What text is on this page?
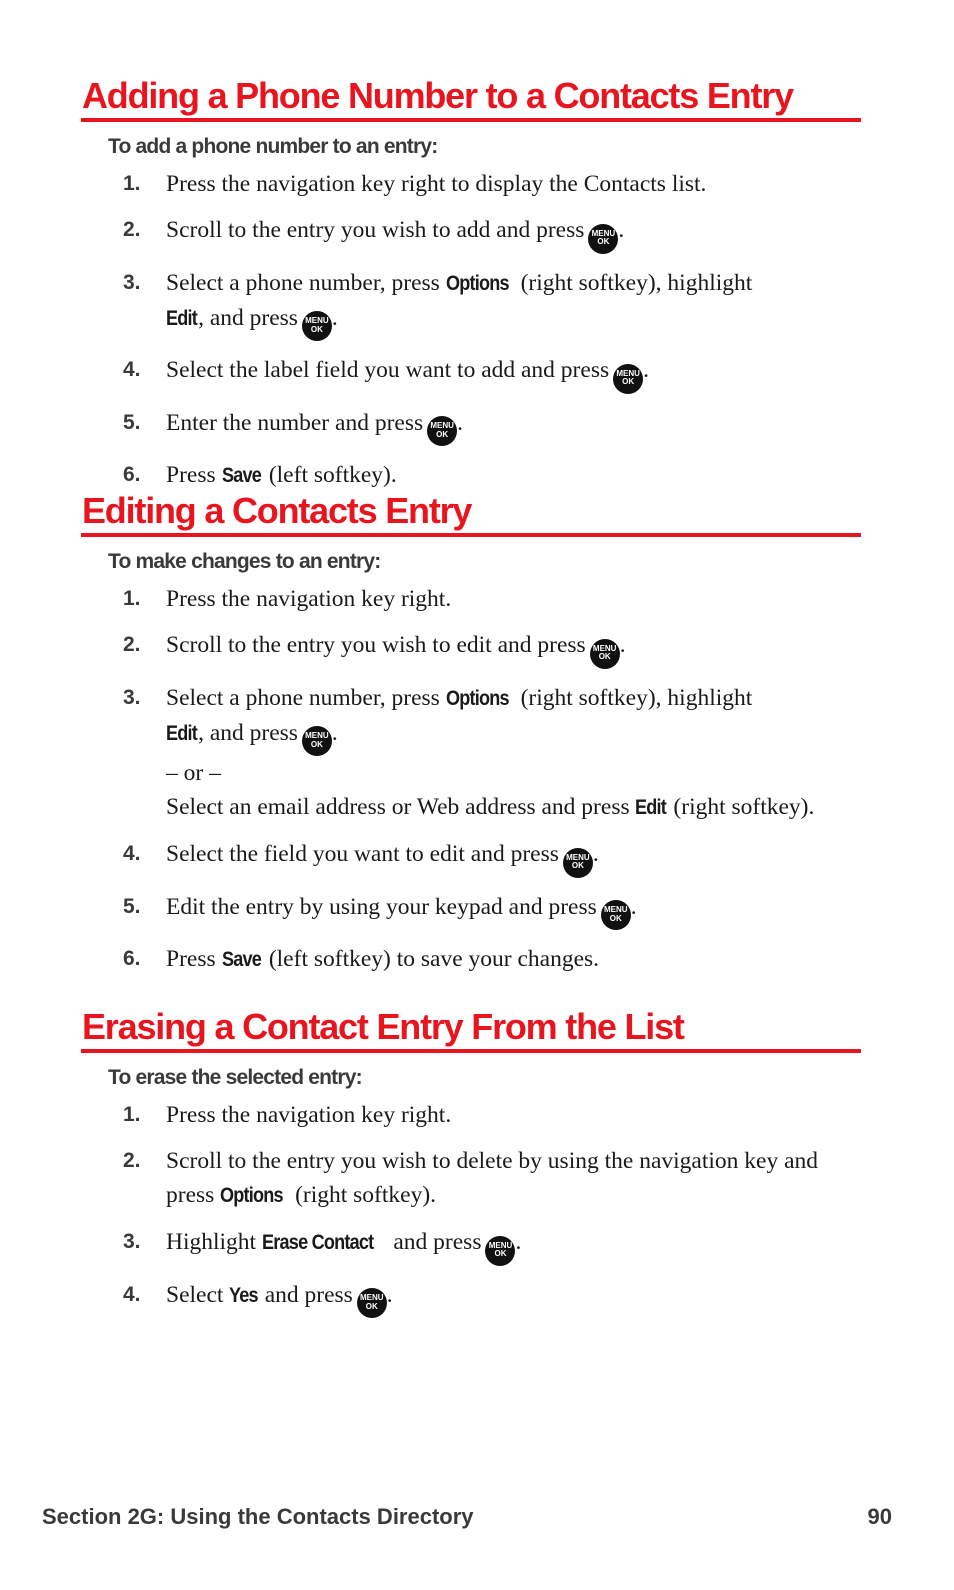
Adding a Phone Number to a Contacts Entry
To add a phone number to an entry:
1. Press the navigation key right to display the Contacts list.
2. Scroll to the entry you wish to add and press MENU
OK .
3. Select a phone number, press Options (right softkey), highlight
Edit, and press MENU
OK .
4. Select the label field you want to add and press MENU
OK .
5. Enter the number and press MENU
OK .
6. Press Save (left softkey).
Editing a Contacts Entry
To make changes to an entry:
1. Press the navigation key right.
2. Scroll to the entry you wish to edit and press MENU
OK .
3. Select a phone number, press Options (right softkey), highlight
Edit, and press MENU
OK .
– or –
Select an email address or Web address and press Edit (right softkey).
4. Select the field you want to edit and press MENU
OK .
5. Edit the entry by using your keypad and press MENU
OK .
6. Press Save (left softkey) to save your changes.
Erasing a Contact Entry From the List
To erase the selected entry:
1. Press the navigation key right.
2. Scroll to the entry you wish to delete by using the navigation key and press Options (right softkey).
3. Highlight Erase Contact and press MENU
OK .
4. Select Yes and press MENU
OK .
Section 2G: Using the Contacts Directory	90
